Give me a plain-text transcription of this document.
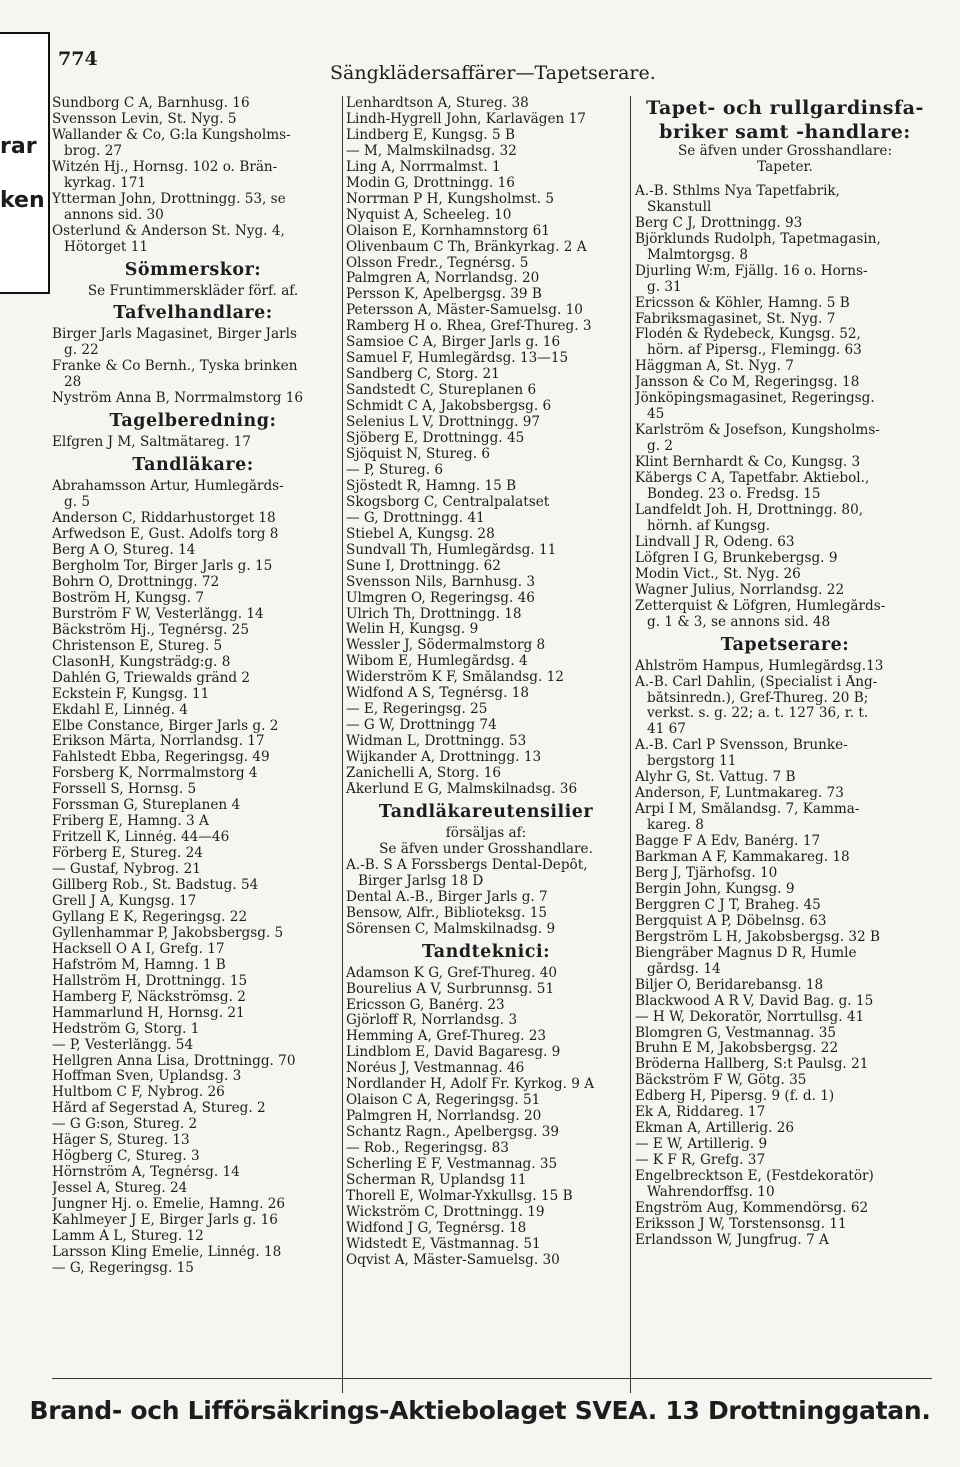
rar
ken
774
Sängklädersaffärer—Tapetserare.
Sundborg C A, Barnhusg. 16
Svensson Levin, St. Nyg. 5
Wallander & Co, G:la Kungsholms-
brog. 27
Witzén Hj., Hornsg. 102 o. Brän-
kyrkag. 171
Ytterman John, Drottningg. 53, se
annons sid. 30
Österlund & Anderson St. Nyg. 4,
Hötorget 11
Sömmerskor:
Se Fruntimmerskläder förf. af.
Tafvelhandlare:
Birger Jarls Magasinet, Birger Jarls
g. 22
Franke & Co Bernh., Tyska brinken
28
Nyström Anna B, Norrmalmstorg 16
Tagelberedning:
Elfgren J M, Saltmätareg. 17
Tandläkare:
Abrahamsson Artur, Humlegårds-
g. 5
Anderson C, Riddarhustorget 18
Arfwedson E, Gust. Adolfs torg 8
Berg A O, Stureg. 14
Bergholm Tor, Birger Jarls g. 15
Bohrn O, Drottningg. 72
Boström H, Kungsg. 7
Burström F W, Vesterlångg. 14
Bäckström Hj., Tegnérsg. 25
Christenson E, Stureg. 5
ClasonH, Kungsträdg:g. 8
Dahlén G, Triewalds gränd 2
Eckstein F, Kungsg. 11
Ekdahl E, Linnég. 4
Elbe Constance, Birger Jarls g. 2
Erikson Märta, Norrlandsg. 17
Fahlstedt Ebba, Regeringsg. 49
Forsberg K, Norrmalmstorg 4
Forssell S, Hornsg. 5
Forssman G, Stureplanen 4
Friberg E, Hamng. 3 A
Fritzell K, Linnég. 44—46
Förberg E, Stureg. 24
— Gustaf, Nybrog. 21
Gillberg Rob., St. Badstug. 54
Grell J A, Kungsg. 17
Gyllang E K, Regeringsg. 22
Gyllenhammar P, Jakobsbergsg. 5
Hacksell O A I, Grefg. 17
Hafström M, Hamng. 1 B
Hallström H, Drottningg. 15
Hamberg F, Näckströmsg. 2
Hammarlund H, Hornsg. 21
Hedström G, Storg. 1
— P, Vesterlångg. 54
Hellgren Anna Lisa, Drottningg. 70
Hoffman Sven, Uplandsg. 3
Hultbom C F, Nybrog. 26
Hård af Segerstad A, Stureg. 2
— G G:son, Stureg. 2
Häger S, Stureg. 13
Högberg C, Stureg. 3
Hörnström A, Tegnérsg. 14
Jessel A, Stureg. 24
Jungner Hj. o. Emelie, Hamng. 26
Kahlmeyer J E, Birger Jarls g. 16
Lamm A L, Stureg. 12
Larsson Kling Emelie, Linnég. 18
— G, Regeringsg. 15
Lenhardtson A, Stureg. 38
Lindh-Hygrell John, Karlavägen 17
Lindberg E, Kungsg. 5 B
— M, Malmskilnadsg. 32
Ling A, Norrmalmst. 1
Modin G, Drottningg. 16
Norrman P H, Kungsholmst. 5
Nyquist A, Scheeleg. 10
Olaison E, Kornhamnstorg 61
Olivenbaum C Th, Bränkyrkag. 2 A
Olsson Fredr., Tegnérsg. 5
Palmgren A, Norrlandsg. 20
Persson K, Apelbergsg. 39 B
Petersson A, Mäster-Samuelsg. 10
Ramberg H o. Rhea, Gref-Thureg. 3
Samsioe C A, Birger Jarls g. 16
Samuel F, Humlegårdsg. 13—15
Sandberg C, Storg. 21
Sandstedt C, Stureplanen 6
Schmidt C A, Jakobsbergsg. 6
Selenius L V, Drottningg. 97
Sjöberg E, Drottningg. 45
Sjöquist N, Stureg. 6
— P, Stureg. 6
Sjöstedt R, Hamng. 15 B
Skogsborg C, Centralpalatset
— G, Drottningg. 41
Stiebel A, Kungsg. 28
Sundvall Th, Humlegårdsg. 11
Sune I, Drottningg. 62
Svensson Nils, Barnhusg. 3
Ulmgren O, Regeringsg. 46
Ulrich Th, Drottningg. 18
Welin H, Kungsg. 9
Wessler J, Södermalmstorg 8
Wibom E, Humlegårdsg. 4
Widerström K F, Smålandsg. 12
Widfond A S, Tegnérsg. 18
— E, Regeringsg. 25
— G W, Drottningg 74
Widman L, Drottningg. 53
Wijkander A, Drottningg. 13
Zanichelli A, Storg. 16
Åkerlund E G, Malmskilnadsg. 36
Tandläkareutensilier
försäljas af:
Se äfven under Grosshandlare.
A.-B. S A Forssbergs Dental-Depôt,
Birger Jarlsg 18 D
Dental A.-B., Birger Jarls g. 7
Bensow, Alfr., Biblioteksg. 15
Sörensen C, Malmskilnadsg. 9
Tandteknici:
Adamson K G, Gref-Thureg. 40
Bourelius A V, Surbrunnsg. 51
Ericsson G, Banérg. 23
Gjörloff R, Norrlandsg. 3
Hemming A, Gref-Thureg. 23
Lindblom E, David Bagaresg. 9
Noréus J, Vestmannag. 46
Nordlander H, Adolf Fr. Kyrkog. 9 A
Olaison C A, Regeringsg. 51
Palmgren H, Norrlandsg. 20
Schantz Ragn., Apelbergsg. 39
— Rob., Regeringsg. 83
Scherling E F, Vestmannag. 35
Scherman R, Uplandsg 11
Thorell E, Wolmar-Yxkullsg. 15 B
Wickström C, Drottningg. 19
Widfond J G, Tegnérsg. 18
Widstedt E, Västmannag. 51
Öqvist A, Mäster-Samuelsg. 30
Tapet- och rullgardinsfa-
briker samt -handlare:
Se äfven under Grosshandlare:
Tapeter.
A.-B. Sthlms Nya Tapetfabrik,
Skanstull
Berg C J, Drottningg. 93
Björklunds Rudolph, Tapetmagasin,
Malmtorgsg. 8
Djurling W:m, Fjällg. 16 o. Horns-
g. 31
Ericsson & Köhler, Hamng. 5 B
Fabriksmagasinet, St. Nyg. 7
Flodén & Rydebeck, Kungsg. 52,
hörn. af Pipersg., Flemingg. 63
Häggman A, St. Nyg. 7
Jansson & Co M, Regeringsg. 18
Jönköpingsmagasinet, Regeringsg.
45
Karlström & Josefson, Kungsholms-
g. 2
Klint Bernhardt & Co, Kungsg. 3
Kåbergs C A, Tapetfabr. Aktiebol.,
Bondeg. 23 o. Fredsg. 15
Landfeldt Joh. H, Drottningg. 80,
hörnh. af Kungsg.
Lindvall J R, Odeng. 63
Löfgren I G, Brunkebergsg. 9
Modin Vict., St. Nyg. 26
Wagner Julius, Norrlandsg. 22
Zetterquist & Löfgren, Humlegårds-
g. 1 & 3, se annons sid. 48
Tapetserare:
Ahlström Hampus, Humlegårdsg.13
A.-B. Carl Dahlin, (Specialist i Ång-
båtsinredn.), Gref-Thureg. 20 B;
verkst. s. g. 22; a. t. 127 36, r. t.
41 67
A.-B. Carl P Svensson, Brunke-
bergstorg 11
Alyhr G, St. Vattug. 7 B
Anderson, F, Luntmakareg. 73
Arpi I M, Smålandsg. 7, Kamma-
kareg. 8
Bagge F A Edv, Banérg. 17
Barkman A F, Kammakareg. 18
Berg J, Tjärhofsg. 10
Bergin John, Kungsg. 9
Berggren C J T, Braheg. 45
Bergquist A P, Döbelnsg. 63
Bergström L H, Jakobsbergsg. 32 B
Biengräber Magnus D R, Humle
gårdsg. 14
Biljer O, Beridarebansg. 18
Blackwood A R V, David Bag. g. 15
— H W, Dekoratör, Norrtullsg. 41
Blomgren G, Vestmannag. 35
Bruhn E M, Jakobsbergsg. 22
Bröderna Hallberg, S:t Paulsg. 21
Bäckström F W, Götg. 35
Edberg H, Pipersg. 9 (f. d. 1)
Ek A, Riddareg. 17
Ekman A, Artillerig. 26
— E W, Artillerig. 9
— K F R, Grefg. 37
Engelbrecktson E, (Festdekoratör)
Wahrendorffsg. 10
Engström Aug, Kommendörsg. 62
Eriksson J W, Torstensonsg. 11
Erlandsson W, Jungfrug. 7 A
Brand- och Lifförsäkrings-Aktiebolaget SVEA. 13 Drottninggatan.
